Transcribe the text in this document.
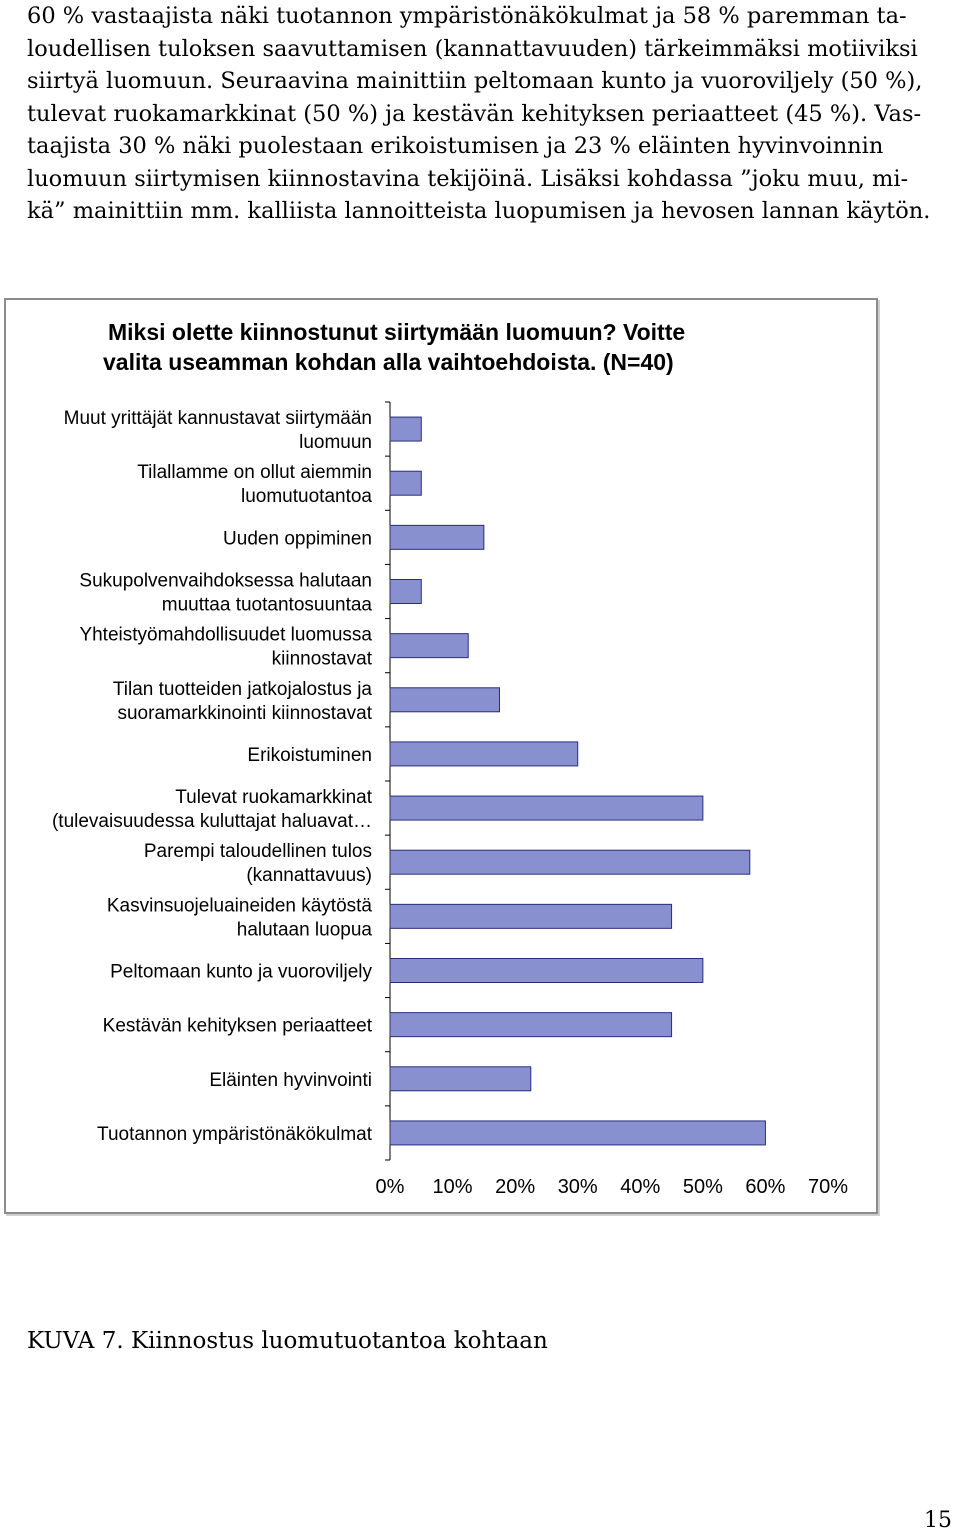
60 % vastaajista näki tuotannon ympäristönäkökulmat ja 58 % paremman ta-
loudellisen tuloksen saavuttamisen (kannattavuuden) tärkeimmäksi motiiviksi
siirtyä luomuun. Seuraavina mainittiin peltomaan kunto ja vuoroviljely (50 %),
tulevat ruokamarkkinat (50 %) ja kestävän kehityksen periaatteet (45 %). Vas-
taajista 30 % näki puolestaan erikoistumisen ja 23 % eläinten hyvinvoinnin
luomuun siirtymisen kiinnostavina tekijöinä. Lisäksi kohdassa ”joku muu, mi-
kä” mainittiin mm. kalliista lannoitteista luopumisen ja hevosen lannan käytön.
Miksi olette kiinnostunut siirtymään luomuun? Voitte
valita useamman kohdan alla vaihtoehdoista. (N=40)
Muut yrittäjät kannustavat siirtymään
luomuun
Tilallamme on ollut aiemmin
luomutuotantoa
Uuden oppiminen
Sukupolvenvaihdoksessa halutaan
muuttaa tuotantosuuntaa
Yhteistyömahdollisuudet luomussa
kiinnostavat
Tilan tuotteiden jatkojalostus ja
suoramarkkinointi kiinnostavat
Erikoistuminen
Tulevat ruokamarkkinat
(tulevaisuudessa kuluttajat haluavat…
Parempi taloudellinen tulos
(kannattavuus)
Kasvinsuojeluaineiden käytöstä
halutaan luopua
Peltomaan kunto ja vuoroviljely
Kestävän kehityksen periaatteet
Eläinten hyvinvointi
Tuotannon ympäristönäkökulmat
0% 10% 20% 30% 40% 50% 60% 70%
KUVA 7. Kiinnostus luomutuotantoa kohtaan
15
